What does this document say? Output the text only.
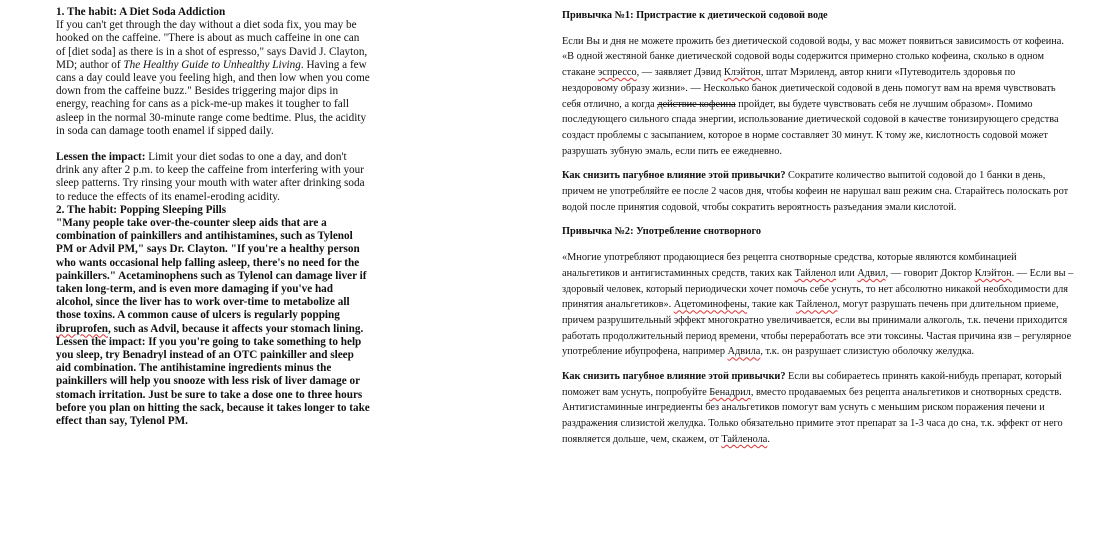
1. The habit: A Diet Soda Addiction

If you can't get through the day without a diet soda fix, you may be hooked on the caffeine. "There is about as much caffeine in one can of [diet soda] as there is in a shot of espresso," says David J. Clayton, MD; author of The Healthy Guide to Unhealthy Living. Having a few cans a day could leave you feeling high, and then low when you come down from the caffeine buzz." Besides triggering major dips in energy, reaching for cans as a pick-me-up makes it tougher to fall asleep in the normal 30-minute range come bedtime. Plus, the acidity in soda can damage tooth enamel if sipped daily.

Lessen the impact: Limit your diet sodas to one a day, and don't drink any after 2 p.m. to keep the caffeine from interfering with your sleep patterns. Try rinsing your mouth with water after drinking soda to reduce the effects of its enamel-eroding acidity.

2. The habit: Popping Sleeping Pills

"Many people take over-the-counter sleep aids that are a combination of painkillers and antihistamines, such as Tylenol PM or Advil PM," says Dr. Clayton. "If you're a healthy person who wants occasional help falling asleep, there's no need for the painkillers." Acetaminophens such as Tylenol can damage liver if taken long-term, and is even more damaging if you've had alcohol, since the liver has to work over-time to metabolize all those toxins. A common cause of ulcers is regularly popping ibruprofen, such as Advil, because it affects your stomach lining.

Lessen the impact: If you you're going to take something to help you sleep, try Benadryl instead of an OTC painkiller and sleep aid combination. The antihistamine ingredients minus the painkillers will help you snooze with less risk of liver damage or stomach irritation. Just be sure to take a dose one to three hours before you plan on hitting the sack, because it takes longer to take effect than say, Tylenol PM.

Привычка №1: Пристрастие к диетической содовой воде

Если Вы и дня не можете прожить без диетической содовой воды, у вас может появиться зависимость от кофеина. «В одной жестяной банке диетической содовой воды содержится примерно столько кофеина, сколько в одном стакане эспрессо, — заявляет Дэвид Клэйтон, штат Мэриленд, автор книги «Путеводитель здоровья по нездоровому образу жизни». — Несколько банок диетической содовой в день помогут вам на время чувствовать себя отлично, а когда действие кофеина пройдет, вы будете чувствовать себя не лучшим образом». Помимо последующего сильного спада энергии, использование диетической содовой в качестве тонизирующего средства создаст проблемы с засыпанием, которое в норме составляет 30 минут. К тому же, кислотность содовой может разрушать зубную эмаль, если пить ее ежедневно.

Как снизить пагубное влияние этой привычки? Сократите количество выпитой содовой до 1 банки в день, причем не употребляйте ее после 2 часов дня, чтобы кофеин не нарушал ваш режим сна. Старайтесь полоскать рот водой после принятия содовой, чтобы сократить вероятность разъедания эмали кислотой.

Привычка №2: Употребление снотворного

«Многие употребляют продающиеся без рецепта снотворные средства, которые являются комбинацией анальгетиков и антигистаминных средств, таких как Тайленол или Адвил, — говорит Доктор Клэйтон. — Если вы – здоровый человек, который периодически хочет помочь себе уснуть, то нет абсолютно никакой необходимости для принятия анальгетиков». Ацетоминофены, такие как Тайленол, могут разрушать печень при длительном приеме, причем разрушительный эффект многократно увеличивается, если вы принимали алкоголь, т.к. печени приходится работать продолжительный период времени, чтобы переработать все эти токсины. Частая причина язв – регулярное употребление ибупрофена, например Адвила, т.к. он разрушает слизистую оболочку желудка.

Как снизить пагубное влияние этой привычки? Если вы собираетесь принять какой-нибудь препарат, который поможет вам уснуть, попробуйте Бенадрил, вместо продаваемых без рецепта анальгетиков и снотворных средств. Антигистаминные ингредиенты без анальгетиков помогут вам уснуть с меньшим риском поражения печени и раздражения слизистой желудка. Только обязательно примите этот препарат за 1-3 часа до сна, т.к. эффект от него появляется дольше, чем, скажем, от Тайленола.
